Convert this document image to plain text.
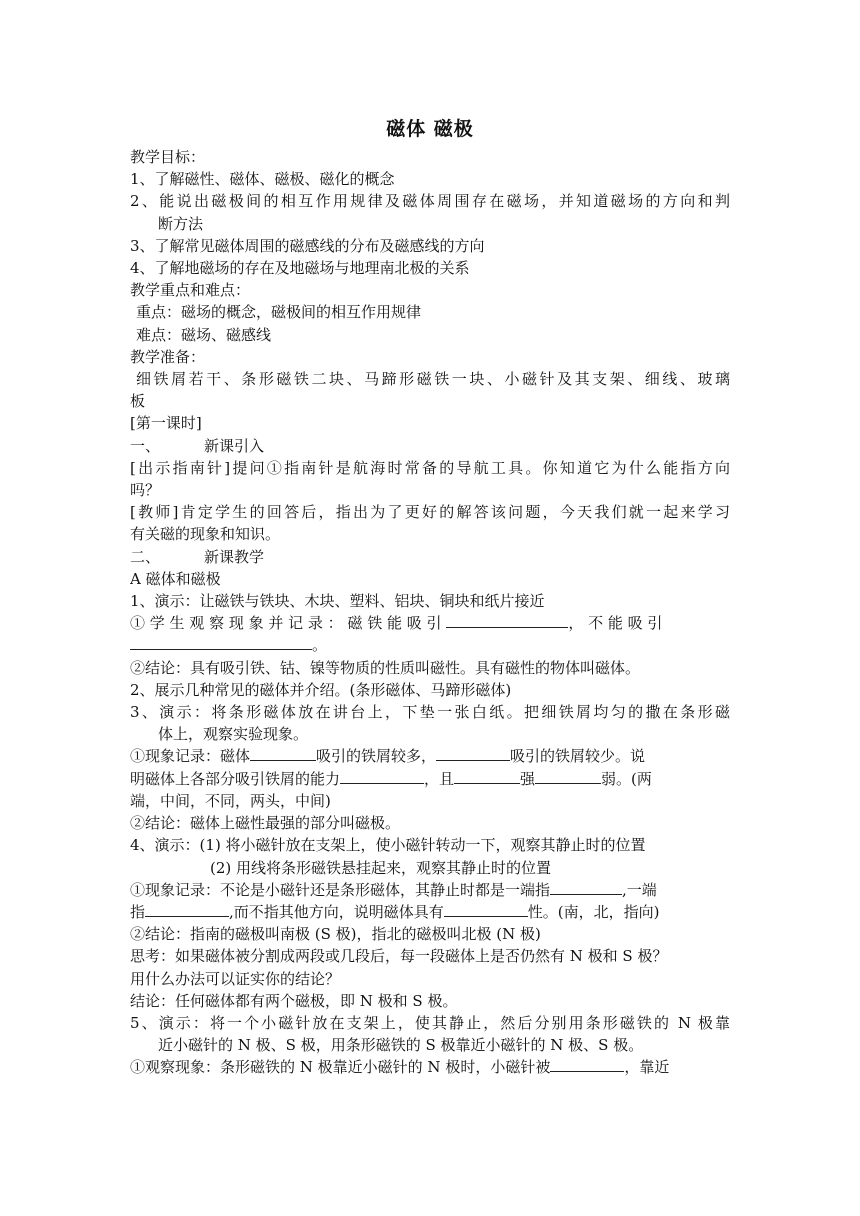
磁体 磁极
教学目标：
1、了解磁性、磁体、磁极、磁化的概念
2、能说出磁极间的相互作用规律及磁体周围存在磁场，并知道磁场的方向和判
断方法
3、了解常见磁体周围的磁感线的分布及磁感线的方向
4、了解地磁场的存在及地磁场与地理南北极的关系
教学重点和难点：
重点：磁场的概念，磁极间的相互作用规律
难点：磁场、磁感线
教学准备：
细铁屑若干、条形磁铁二块、马蹄形磁铁一块、小磁针及其支架、细线、玻璃
板
[第一课时]
一、	新课引入
[出示指南针]提问①指南针是航海时常备的导航工具。你知道它为什么能指方向
吗？
[教师]肯定学生的回答后，指出为了更好的解答该问题，今天我们就一起来学习
有关磁的现象和知识。
二、	新课教学
A 磁体和磁极
1、演示：让磁铁与铁块、木块、塑料、铝块、铜块和纸片接近
① 学 生 观 察 现 象 并 记 录 ： 磁 铁 能 吸 引	， 不 能 吸 引
。
②结论：具有吸引铁、钴、镍等物质的性质叫磁性。具有磁性的物体叫磁体。
2、展示几种常见的磁体并介绍。(条形磁体、马蹄形磁体)
3、演示：将条形磁体放在讲台上，下垫一张白纸。把细铁屑均匀的撒在条形磁
体上，观察实验现象。
①现象记录：磁体	吸引的铁屑较多，	吸引的铁屑较少。说
明磁体上各部分吸引铁屑的能力	，且	强	弱。(两
端，中间，不同，两头，中间)
②结论：磁体上磁性最强的部分叫磁极。
4、演示：(1) 将小磁针放在支架上，使小磁针转动一下，观察其静止时的位置
(2) 用线将条形磁铁悬挂起来，观察其静止时的位置
①现象记录：不论是小磁针还是条形磁体，其静止时都是一端指	,一端
指	,而不指其他方向，说明磁体具有	性。(南，北，指向)
②结论：指南的磁极叫南极 (S 极)，指北的磁极叫北极 (N 极)
思考：如果磁体被分割成两段或几段后，每一段磁体上是否仍然有 N 极和 S 极？
用什么办法可以证实你的结论？
结论：任何磁体都有两个磁极，即 N 极和 S 极。
5、演示：将一个小磁针放在支架上，使其静止，然后分别用条形磁铁的 N 极靠
近小磁针的 N 极、S 极，用条形磁铁的 S 极靠近小磁针的 N 极、S 极。
①观察现象：条形磁铁的 N 极靠近小磁针的 N 极时，小磁针被	，靠近
